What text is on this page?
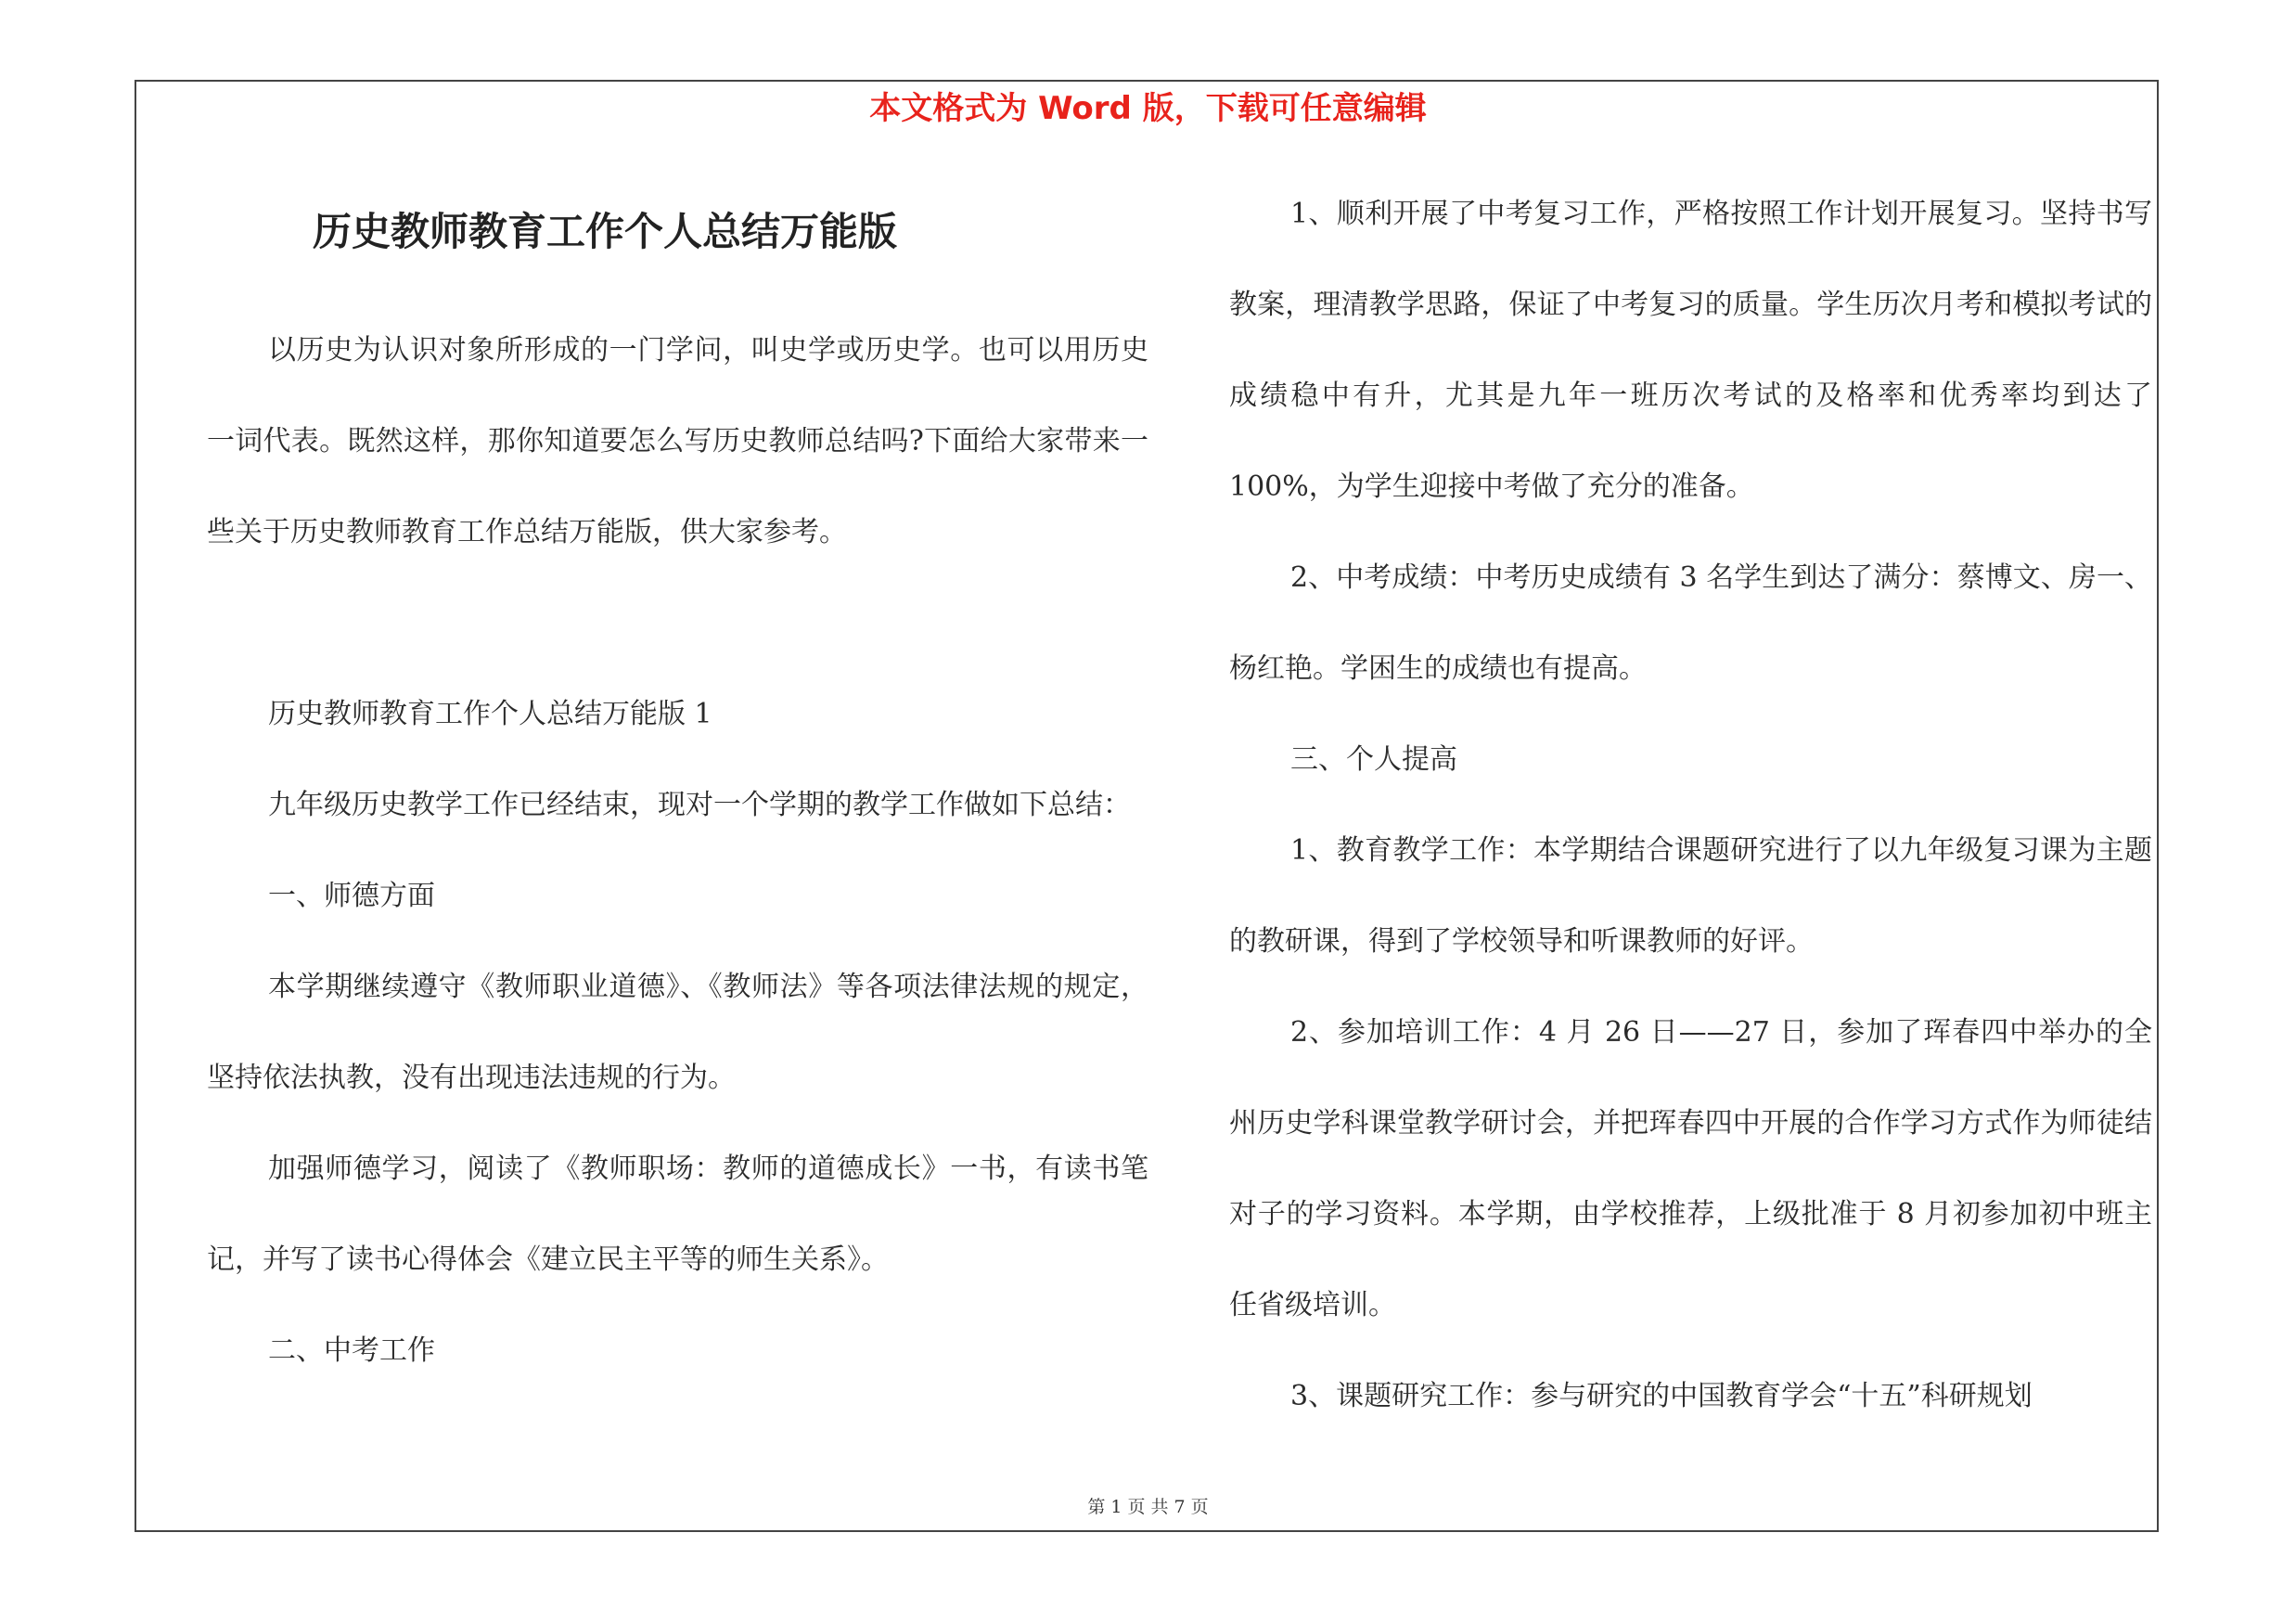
本文格式为 Word 版，下载可任意编辑
历史教师教育工作个人总结万能版

以历史为认识对象所形成的一门学问，叫史学或历史学。也可以用历史一词代表。既然这样，那你知道要怎么写历史教师总结吗?下面给大家带来一些关于历史教师教育工作总结万能版，供大家参考。

历史教师教育工作个人总结万能版 1

九年级历史教学工作已经结束，现对一个学期的教学工作做如下总结：

一、师德方面

本学期继续遵守《教师职业道德》、《教师法》等各项法律法规的规定，坚持依法执教，没有出现违法违规的行为。

加强师德学习，阅读了《教师职场：教师的道德成长》一书，有读书笔记，并写了读书心得体会《建立民主平等的师生关系》。

二、中考工作

1、顺利开展了中考复习工作，严格按照工作计划开展复习。坚持书写教案，理清教学思路，保证了中考复习的质量。学生历次月考和模拟考试的成绩稳中有升，尤其是九年一班历次考试的及格率和优秀率均到达了 100%，为学生迎接中考做了充分的准备。

2、中考成绩：中考历史成绩有 3 名学生到达了满分：蔡博文、房一、杨红艳。学困生的成绩也有提高。

三、个人提高

1、教育教学工作：本学期结合课题研究进行了以九年级复习课为主题的教研课，得到了学校领导和听课教师的好评。

2、参加培训工作：4 月 26 日——27 日，参加了珲春四中举办的全州历史学科课堂教学研讨会，并把珲春四中开展的合作学习方式作为师徒结对子的学习资料。本学期，由学校推荐，上级批准于 8 月初参加初中班主任省级培训。

3、课题研究工作：参与研究的中国教育学会“十五”科研规划

第 1 页 共 7 页
